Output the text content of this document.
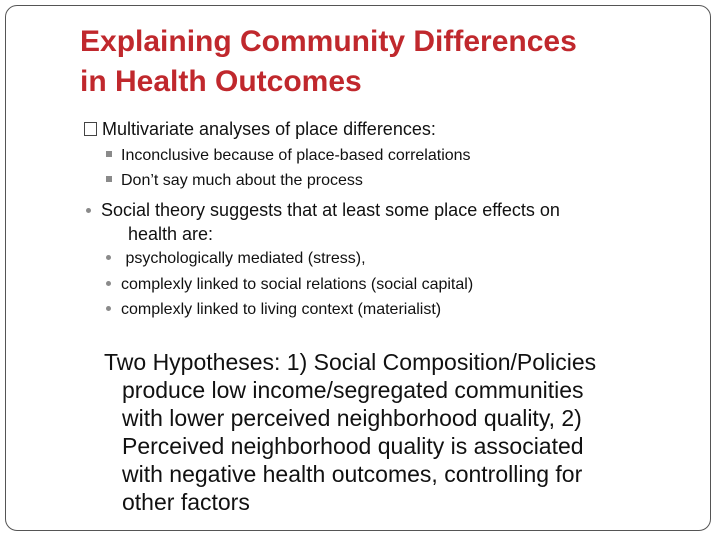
Explaining Community Differences
in Health Outcomes
Multivariate analyses of place differences:
Inconclusive because of place-based correlations
Don’t say much about the process
Social theory suggests that at least some place effects on
health are:
psychologically mediated (stress),
complexly linked to social relations (social capital)
complexly linked to living context (materialist)
Two Hypotheses: 1) Social Composition/Policies
produce low income/segregated communities
with lower perceived neighborhood quality, 2)
Perceived neighborhood quality is associated
with negative health outcomes, controlling for
other factors
